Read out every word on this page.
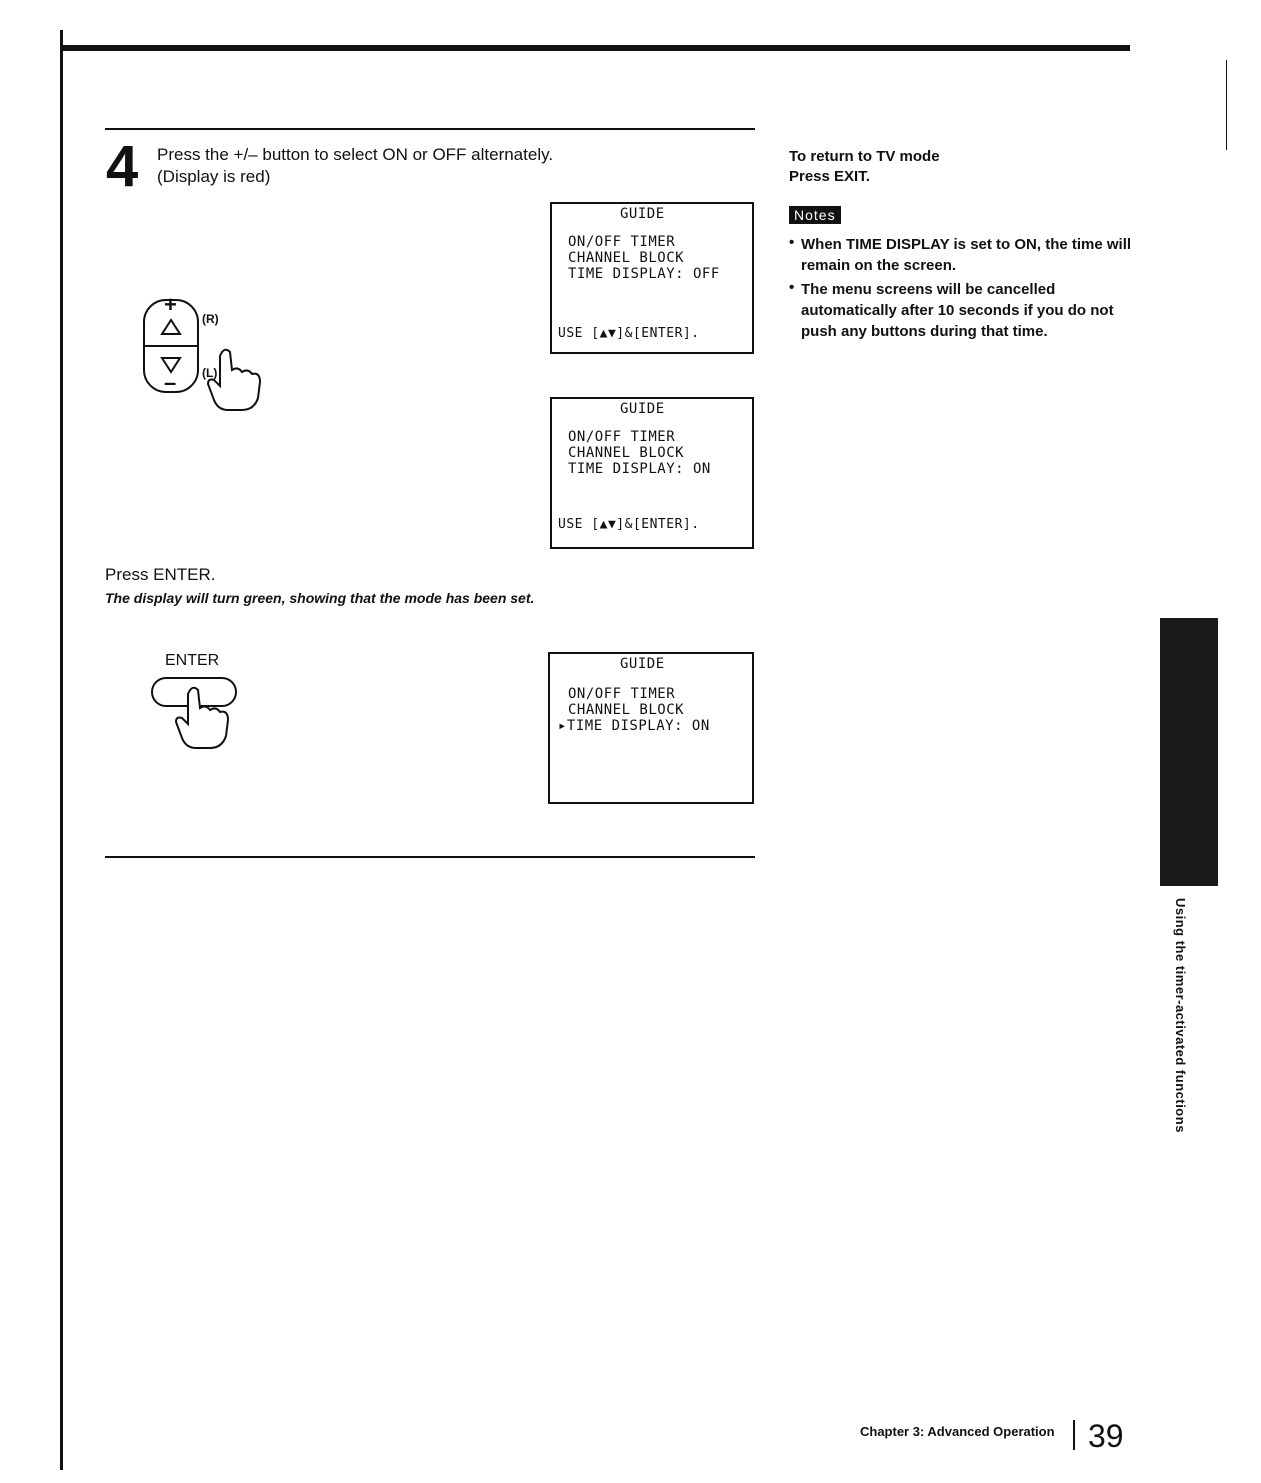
4 Press the +/– button to select ON or OFF alternately.
(Display is red)
+
–
(R)
(L)
GUIDE
ON/OFF TIMER
CHANNEL BLOCK
TIME DISPLAY: OFF
USE [▲▼]&[ENTER].
GUIDE
ON/OFF TIMER
CHANNEL BLOCK
TIME DISPLAY: ON
USE [▲▼]&[ENTER].
Press ENTER.
The display will turn green, showing that the mode has been set.
ENTER	GUIDE
ON/OFF TIMER
CHANNEL BLOCK
▸TIME DISPLAY: ON
To return to TV mode
Press EXIT.
Notes
• When TIME DISPLAY is set to ON, the time will remain on the screen.
• The menu screens will be cancelled automatically after 10 seconds if you do not push any buttons during that time.
Using the timer-activated functions
Chapter 3: Advanced Operation 39
